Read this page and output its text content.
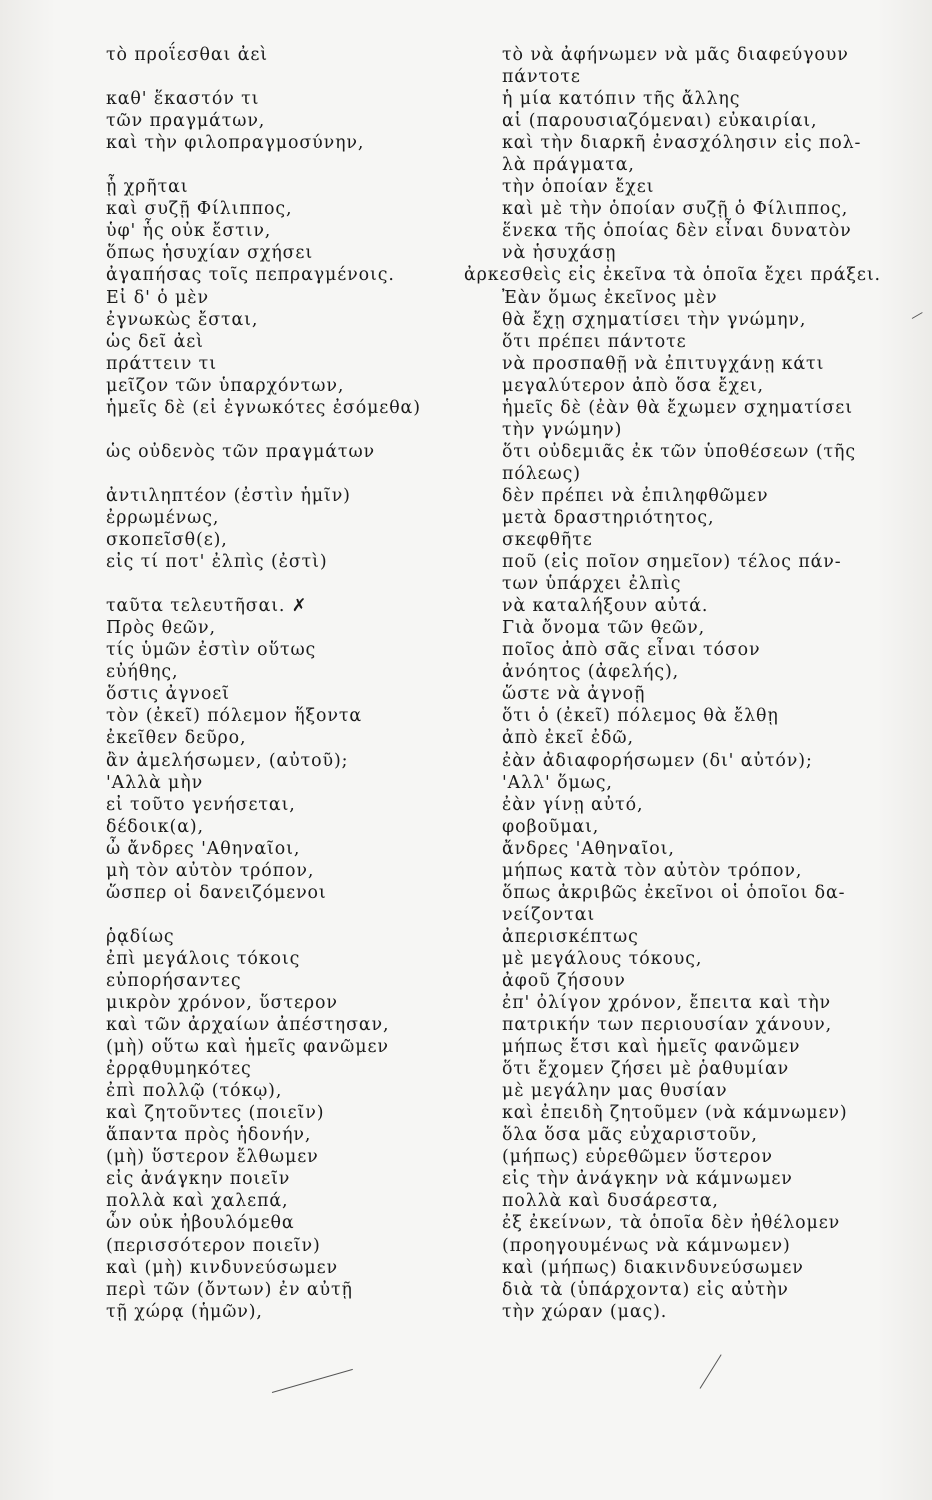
τὸ προΐεσθαι ἀεὶ

καθ' ἕκαστόν τι
τῶν πραγμάτων,
καὶ τὴν φιλοπραγμοσύνην,

ᾗ χρῆται
καὶ συζῇ Φίλιππος,
ὑφ' ἧς οὐκ ἔστιν,
ὅπως ἡσυχίαν σχήσει
ἀγαπήσας τοῖς πεπραγμένοις.
Εἰ δ' ὁ μὲν
ἐγνωκὼς ἔσται,
ὡς δεῖ ἀεὶ
πράττειν τι
μεῖζον τῶν ὑπαρχόντων,
ἡμεῖς δὲ (εἰ ἐγνωκότες ἐσόμεθα)

ὡς οὐδενὸς τῶν πραγμάτων

ἀντιληπτέον (ἐστὶν ἡμῖν)
ἐρρωμένως,
σκοπεῖσθ(ε),
εἰς τί ποτ' ἐλπὶς (ἐστὶ)

ταῦτα τελευτῆσαι. ✗
Πρὸς θεῶν,
τίς ὑμῶν ἐστὶν οὕτως
εὐήθης,
ὅστις ἀγνοεῖ
τὸν (ἐκεῖ) πόλεμον ἥξοντα
ἐκεῖθεν δεῦρο,
ἂν ἀμελήσωμεν, (αὐτοῦ);
'Αλλὰ μὴν
εἰ τοῦτο γενήσεται,
δέδοικ(α),
ὦ ἄνδρες 'Αθηναῖοι,
μὴ τὸν αὐτὸν τρόπον,
ὥσπερ οἱ δανειζόμενοι

ῥᾳδίως
ἐπὶ μεγάλοις τόκοις
εὐπορήσαντες
μικρὸν χρόνον, ὕστερον
καὶ τῶν ἀρχαίων ἀπέστησαν,
(μὴ) οὕτω καὶ ἡμεῖς φανῶμεν
ἐρρᾳθυμηκότες
ἐπὶ πολλῷ (τόκῳ),
καὶ ζητοῦντες (ποιεῖν)
ἅπαντα πρὸς ἡδονήν,
(μὴ) ὕστερον ἔλθωμεν
εἰς ἀνάγκην ποιεῖν
πολλὰ καὶ χαλεπά,
ὧν οὐκ ἠβουλόμεθα
(περισσότερον ποιεῖν)
καὶ (μὴ) κινδυνεύσωμεν
περὶ τῶν (ὄντων) ἐν αὐτῇ
τῇ χώρᾳ (ἡμῶν),
τὸ νὰ ἀφήνωμεν νὰ μᾶς διαφεύγουν
πάντοτε
ἡ μία κατόπιν τῆς ἄλλης
αἱ (παρουσιαζόμεναι) εὐκαιρίαι,
καὶ τὴν διαρκῆ ἐνασχόλησιν εἰς πολ-
λὰ πράγματα,
τὴν ὁποίαν ἔχει
καὶ μὲ τὴν ὁποίαν συζῇ ὁ Φίλιππος,
ἕνεκα τῆς ὁποίας δὲν εἶναι δυνατὸν
νὰ ἡσυχάσῃ
ἀρκεσθεὶς εἰς ἐκεῖνα τὰ ὁποῖα ἔχει πράξει.
Ἐὰν ὅμως ἐκεῖνος μὲν
θὰ ἔχῃ σχηματίσει τὴν γνώμην,
ὅτι πρέπει πάντοτε
νὰ προσπαθῇ νὰ ἐπιτυγχάνῃ κάτι
μεγαλύτερον ἀπὸ ὅσα ἔχει,
ἡμεῖς δὲ (ἐὰν θὰ ἔχωμεν σχηματίσει
τὴν γνώμην)
ὅτι οὐδεμιᾶς ἐκ τῶν ὑποθέσεων (τῆς
πόλεως)
δὲν πρέπει νὰ ἐπιληφθῶμεν
μετὰ δραστηριότητος,
σκεφθῆτε
ποῦ (εἰς ποῖον σημεῖον) τέλος πάν-
των ὑπάρχει ἐλπὶς
νὰ καταλήξουν αὐτά.
Γιὰ ὄνομα τῶν θεῶν,
ποῖος ἀπὸ σᾶς εἶναι τόσον
ἀνόητος (ἀφελής),
ὥστε νὰ ἀγνοῇ
ὅτι ὁ (ἐκεῖ) πόλεμος θὰ ἔλθῃ
ἀπὸ ἐκεῖ ἐδῶ,
ἐὰν ἀδιαφορήσωμεν (δι' αὐτόν);
'Αλλ' ὅμως,
ἐὰν γίνῃ αὐτό,
φοβοῦμαι,
ἄνδρες 'Αθηναῖοι,
μήπως κατὰ τὸν αὐτὸν τρόπον,
ὅπως ἀκριβῶς ἐκεῖνοι οἱ ὁποῖοι δα-
νείζονται
ἀπερισκέπτως
μὲ μεγάλους τόκους,
ἀφοῦ ζήσουν
ἐπ' ὀλίγον χρόνον, ἔπειτα καὶ τὴν
πατρικήν των περιουσίαν χάνουν,
μήπως ἔτσι καὶ ἡμεῖς φανῶμεν
ὅτι ἔχομεν ζήσει μὲ ῥαθυμίαν
μὲ μεγάλην μας θυσίαν
καὶ ἐπειδὴ ζητοῦμεν (νὰ κάμνωμεν)
ὅλα ὅσα μᾶς εὐχαριστοῦν,
(μήπως) εὑρεθῶμεν ὕστερον
εἰς τὴν ἀνάγκην νὰ κάμνωμεν
πολλὰ καὶ δυσάρεστα,
ἐξ ἐκείνων, τὰ ὁποῖα δὲν ἠθέλομεν
(προηγουμένως νὰ κάμνωμεν)
καὶ (μήπως) διακινδυνεύσωμεν
διὰ τὰ (ὑπάρχοντα) εἰς αὐτὴν
τὴν χώραν (μας).
